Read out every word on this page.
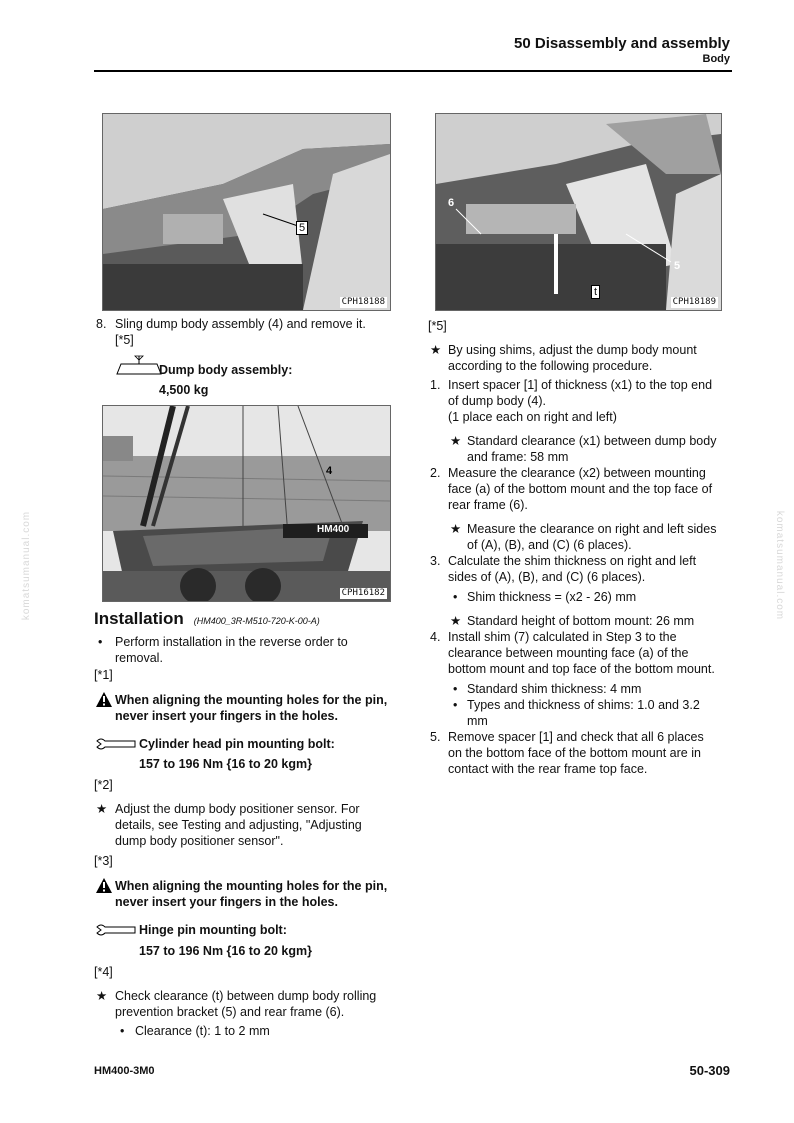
50 Disassembly and assembly
Body
komatsumanual.com	komatsumanual.com
5
CPH18188
6
5
t
CPH18189
8. Sling dump body assembly (4) and remove it.
[*5]
Dump body assembly:
4,500 kg
HM400
4
CPH16182
Installation (HM400_3R-M510-720-K-00-A)
• Perform installation in the reverse order to
removal.
[*1]
When aligning the mounting holes for the pin,
never insert your fingers in the holes.
Cylinder head pin mounting bolt:
157 to 196 Nm {16 to 20 kgm}
[*2]
★ Adjust the dump body positioner sensor. For
details, see Testing and adjusting, "Adjusting
dump body positioner sensor".
[*3]
When aligning the mounting holes for the pin,
never insert your fingers in the holes.
Hinge pin mounting bolt:
157 to 196 Nm {16 to 20 kgm}
[*4]
★ Check clearance (t) between dump body rolling
prevention bracket (5) and rear frame (6).
• Clearance (t): 1 to 2 mm
[*5]
★ By using shims, adjust the dump body mount
according to the following procedure.
1. Insert spacer [1] of thickness (x1) to the top end
of dump body (4).
(1 place each on right and left)
★ Standard clearance (x1) between dump body
and frame: 58 mm
2. Measure the clearance (x2) between mounting
face (a) of the bottom mount and the top face of
rear frame (6).
★ Measure the clearance on right and left sides
of (A), (B), and (C) (6 places).
3. Calculate the shim thickness on right and left
sides of (A), (B), and (C) (6 places).
• Shim thickness = (x2 - 26) mm
★ Standard height of bottom mount: 26 mm
4. Install shim (7) calculated in Step 3 to the
clearance between mounting face (a) of the
bottom mount and top face of the bottom mount.
• Standard shim thickness: 4 mm
• Types and thickness of shims: 1.0 and 3.2
mm
5. Remove spacer [1] and check that all 6 places
on the bottom face of the bottom mount are in
contact with the rear frame top face.
HM400-3M0	50-309
